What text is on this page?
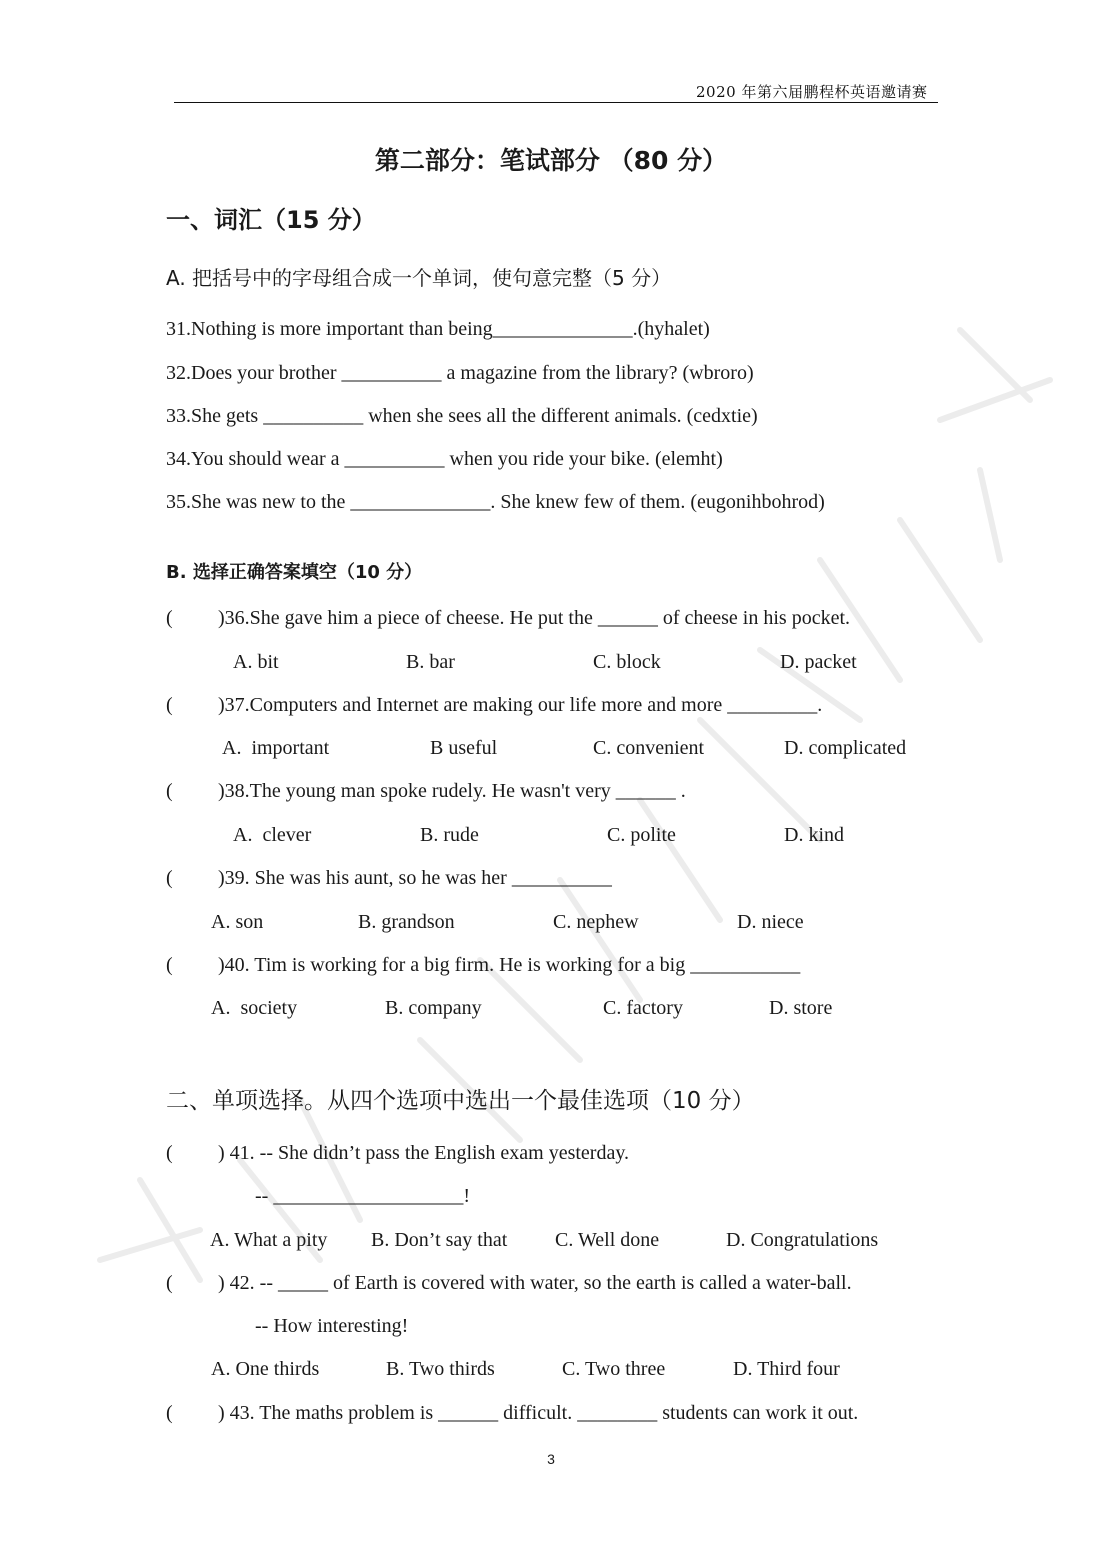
2020 年第六届鹏程杯英语邀请赛
第二部分：笔试部分 （80 分）
一、词汇（15 分）
A. 把括号中的字母组合成一个单词，使句意完整（5 分）
31.Nothing is more important than being______________.(hyhalet)
32.Does your brother __________ a magazine from the library? (wbroro)
33.She gets __________ when she sees all the different animals. (cedxtie)
34.You should wear a __________ when you ride your bike. (elemht)
35.She was new to the ______________. She knew few of them. (eugonihbohrod)
B. 选择正确答案填空（10 分）
( )36.She gave him a piece of cheese. He put the ______ of cheese in his pocket.
A. bit	B. bar	C. block	D. packet
( )37.Computers and Internet are making our life more and more _________.
A.  important	B useful	C. convenient	D. complicated
( )38.The young man spoke rudely. He wasn't very ______ .
A.  clever	B. rude	C. polite	D. kind
( )39. She was his aunt, so he was her __________
A. son	B. grandson	C. nephew	D. niece
( )40. Tim is working for a big firm. He is working for a big ___________
A.  society	B. company	C. factory	D. store
二、单项选择。从四个选项中选出一个最佳选项（10 分）
( ) 41. -- She didn’t pass the English exam yesterday.
-- ___________________!
A. What a pity B. Don’t say that C. Well done	D. Congratulations
( ) 42. -- _____ of Earth is covered with water, so the earth is called a water-ball.
-- How interesting!
A. One thirds	B. Two thirds	C. Two three	D. Third four
( ) 43. The maths problem is ______ difficult. ________ students can work it out.
3
